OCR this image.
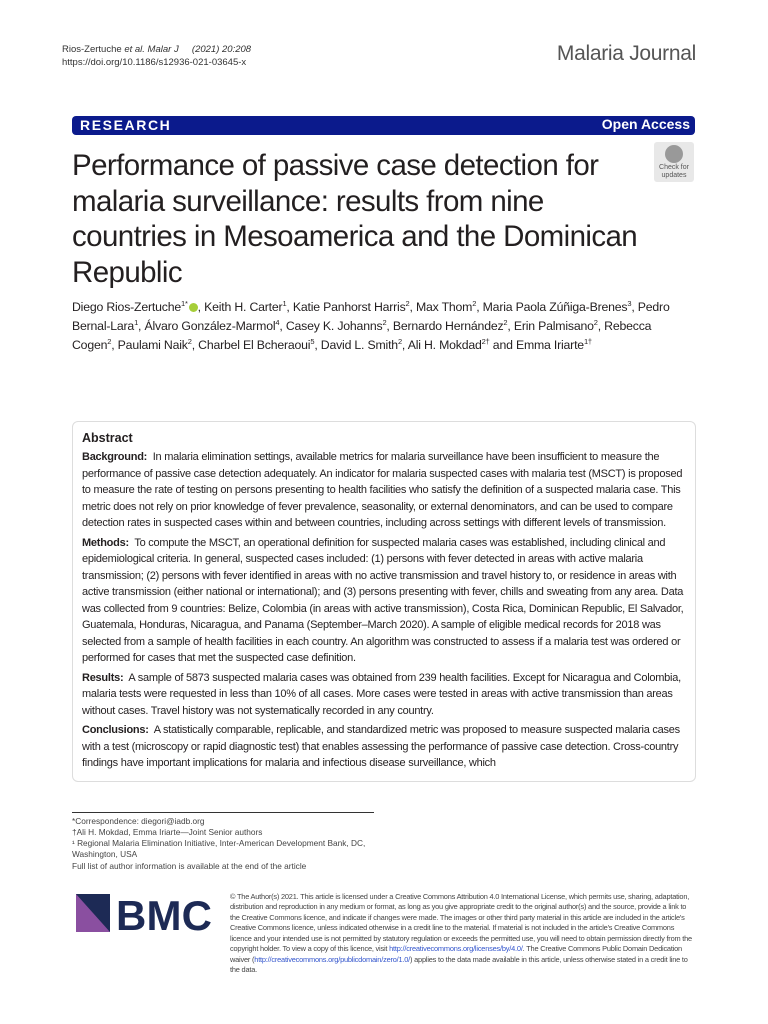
Rios-Zertuche et al. Malar J (2021) 20:208
https://doi.org/10.1186/s12936-021-03645-x	Malaria Journal
RESEARCH	Open Access
Check for
updates
Performance of passive case detection for malaria surveillance: results from nine countries in Mesoamerica and the Dominican Republic
Diego Rios-Zertuche$^{1*}$ , Keith H. Carter$^1$, Katie Panhorst Harris$^2$, Max Thom$^2$, Maria Paola Zúñiga-Brenes$^3$, Pedro Bernal-Lara$^1$, Álvaro González-Marmol$^4$, Casey K. Johanns$^2$, Bernardo Hernández$^2$, Erin Palmisano$^2$, Rebecca Cogen$^2$, Paulami Naik$^2$, Charbel El Bcheraoui$^5$, David L. Smith$^2$, Ali H. Mokdad$^{2\dagger}$ and Emma Iriarte$^{1\dagger}$
Abstract

Background: In malaria elimination settings, available metrics for malaria surveillance have been insufficient to measure the performance of passive case detection adequately. An indicator for malaria suspected cases with malaria test (MSCT) is proposed to measure the rate of testing on persons presenting to health facilities who satisfy the definition of a suspected malaria case. This metric does not rely on prior knowledge of fever prevalence, seasonality, or external denominators, and can be used to compare detection rates in suspected cases within and between countries, including across settings with different levels of transmission.

Methods: To compute the MSCT, an operational definition for suspected malaria cases was established, including clinical and epidemiological criteria. In general, suspected cases included: (1) persons with fever detected in areas with active malaria transmission; (2) persons with fever identified in areas with no active transmission and travel history to, or residence in areas with active transmission (either national or international); and (3) persons presenting with fever, chills and sweating from any area. Data was collected from 9 countries: Belize, Colombia (in areas with active transmission), Costa Rica, Dominican Republic, El Salvador, Guatemala, Honduras, Nicaragua, and Panama (September–March 2020). A sample of eligible medical records for 2018 was selected from a sample of health facilities in each country. An algorithm was constructed to assess if a malaria test was ordered or performed for cases that met the suspected case definition.

Results: A sample of 5873 suspected malaria cases was obtained from 239 health facilities. Except for Nicaragua and Colombia, malaria tests were requested in less than 10% of all cases. More cases were tested in areas with active transmission than areas without cases. Travel history was not systematically recorded in any country.

Conclusions: A statistically comparable, replicable, and standardized metric was proposed to measure suspected malaria cases with a test (microscopy or rapid diagnostic test) that enables assessing the performance of passive case detection. Cross-country findings have important implications for malaria and infectious disease surveillance, which

*Correspondence: diegori@iadb.org
†Ali H. Mokdad, Emma Iriarte—Joint Senior authors
¹ Regional Malaria Elimination Initiative, Inter-American Development Bank, DC, Washington, USA
Full list of author information is available at the end of the article
BMC © The Author(s) 2021. This article is licensed under a Creative Commons Attribution 4.0 International License, which permits use, sharing, adaptation, distribution and reproduction in any medium or format, as long as you give appropriate credit to the original author(s) and the source, provide a link to the Creative Commons licence, and indicate if changes were made. The images or other third party material in this article are included in the article's Creative Commons licence, unless indicated otherwise in a credit line to the material. If material is not included in the article's Creative Commons licence and your intended use is not permitted by statutory regulation or exceeds the permitted use, you will need to obtain permission directly from the copyright holder. To view a copy of this licence, visit http://creativecommons.org/licenses/by/4.0/. The Creative Commons Public Domain Dedication waiver (http://creativecommons.org/publicdomain/zero/1.0/) applies to the data made available in this article, unless otherwise stated in a credit line to the data.
